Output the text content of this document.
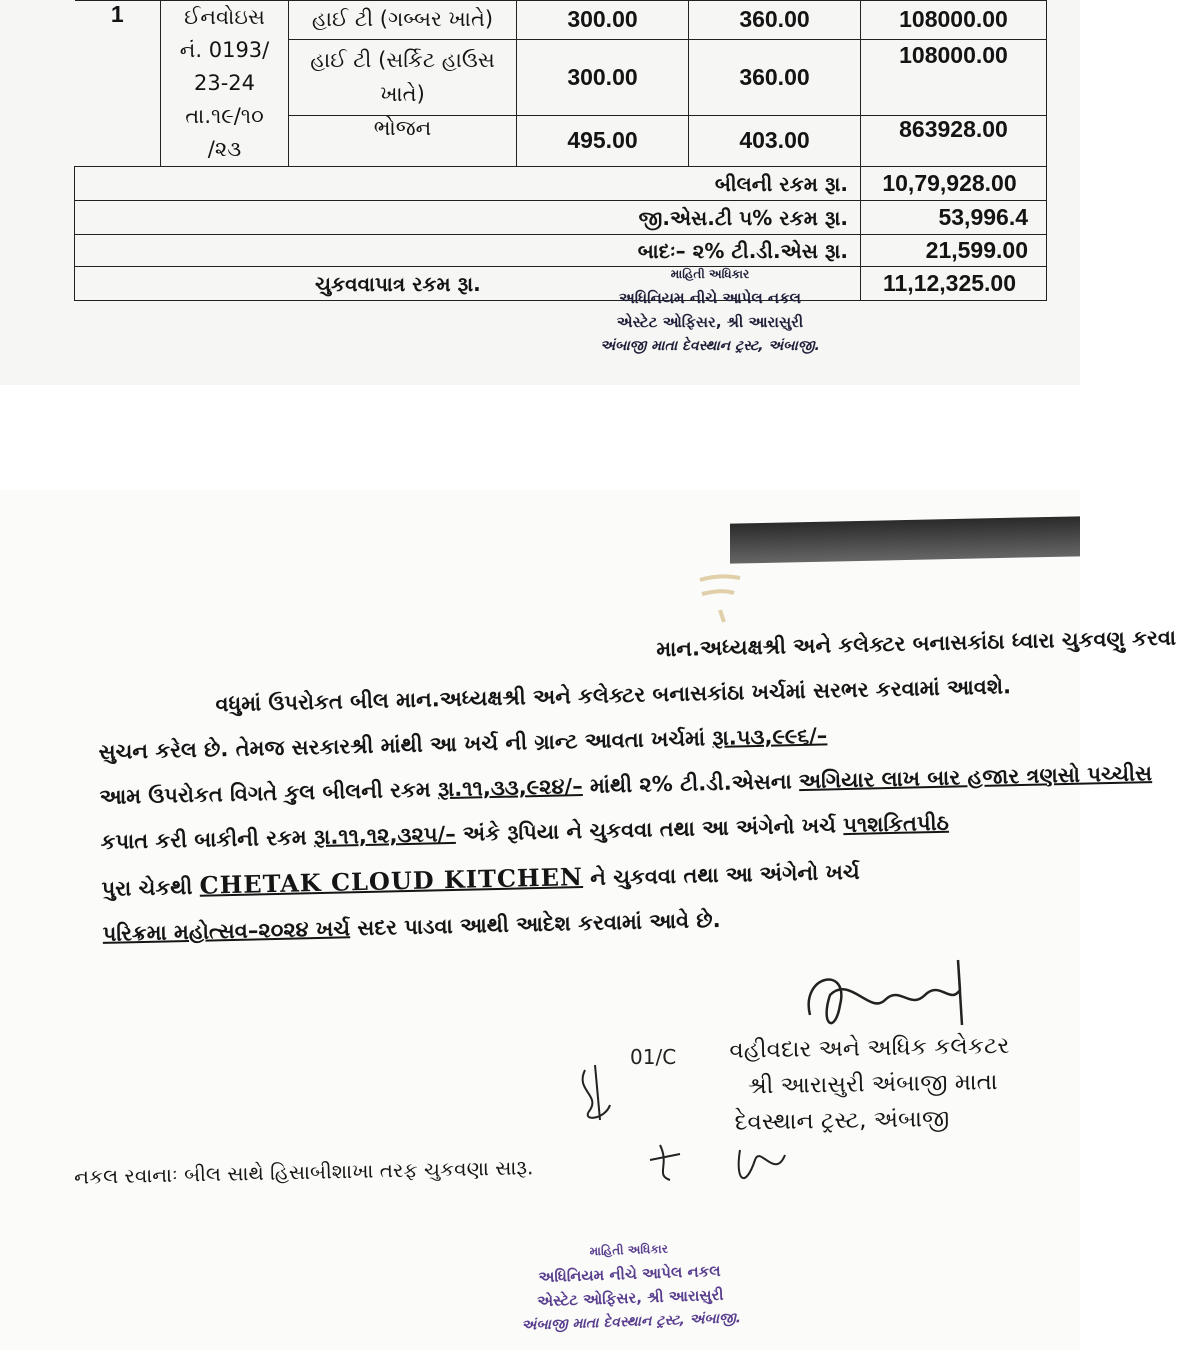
1	ઈનવોઇસ
નં. 0193/
23-24
તા.૧૯/૧૦
/૨૩	હાઈ ટી (ગબ્બર ખાતે)	300.00	360.00	108000.00
		હાઈ ટી (સર્કિટ હાઉસ ખાતે)	300.00	360.00	108000.00
		ભોજન	495.00	403.00	863928.00
બીલની રકમ રૂા.					10,79,928.00
જી.એસ.ટી ૫% રકમ રૂા.					53,996.4
બાદઃ– ૨% ટી.ડી.એસ રૂા.					21,599.00
ચુકવવાપાત્ર રકમ રૂા.					11,12,325.00
માહિતી અધિકાર
અધિનિયમ નીચે આપેલ નકલ
એસ્ટેટ ઓફિસર, શ્રી આરાસુરી
અંબાજી માતા દેવસ્થાન ટ્રસ્ટ, અંબાજી.

માન.અધ્યક્ષશ્રી અને કલેક્ટર બનાસકાંઠા ધ્વારા ચુકવણુ કરવા

વધુમાં ઉપરોકત બીલ માન.અધ્યક્ષશ્રી અને કલેક્ટર બનાસકાંઠા ખર્ચમાં સરભર કરવામાં આવશે.

સુચન કરેલ છે. તેમજ સરકારશ્રી માંથી આ ખર્ચ ની ગ્રાન્ટ આવતા ખર્ચમાં રૂા.૫૩,૯૯૬/–

આમ ઉપરોકત વિગતે કુલ બીલની રકમ રૂા.૧૧,૩૩,૯૨૪/– માંથી ૨% ટી.ડી.એસના અગિયાર લાખ બાર હજાર ત્રણસો પચ્ચીસ

કપાત કરી બાકીની રકમ રૂા.૧૧,૧૨,૩૨૫/– અંકે રૂપિયા ને ચુકવવા તથા આ અંગેનો ખર્ચ ૫૧શકિતપીઠ

પુરા ચેકથી CHETAK CLOUD KITCHEN ને ચુકવવા તથા આ અંગેનો ખર્ચ

પરિક્રમા મહોત્સવ–૨૦૨૪ ખર્ચ સદર પાડવા આથી આદેશ કરવામાં આવે છે.

01/C વહીવદાર અને અધિક કલેકટર
શ્રી આરાસુરી અંબાજી માતા
દેવસ્થાન ટ્રસ્ટ, અંબાજી
નકલ રવાનાઃ બીલ સાથે હિસાબીશાખા તરફ ચુકવણા સારૂ.
માહિતી અધિકાર
અધિનિયમ નીચે આપેલ નકલ
એસ્ટેટ ઓફિસર, શ્રી આરાસુરી
અંબાજી માતા દેવસ્થાન ટ્રસ્ટ, અંબાજી.
